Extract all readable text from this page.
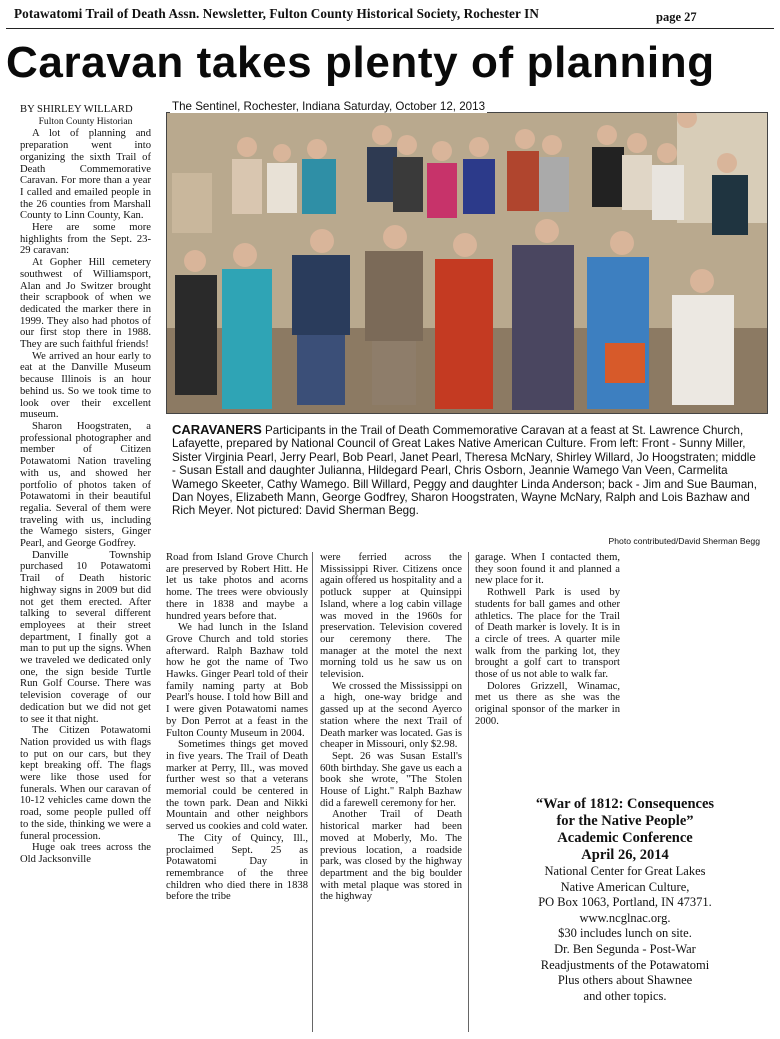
Potawatomi Trail of Death Assn. Newsletter, Fulton County Historical Society, Rochester IN	page 27
Caravan takes plenty of planning

BY SHIRLEY WILLARD

Fulton County Historian

A lot of planning and preparation went into organizing the sixth Trail of Death Commemorative Caravan. For more than a year I called and emailed people in the 26 counties from Marshall County to Linn County, Kan.

Here are some more highlights from the Sept. 23-29 caravan:

At Gopher Hill cemetery southwest of Williamsport, Alan and Jo Switzer brought their scrapbook of when we dedicated the marker there in 1999. They also had photos of our first stop there in 1988. They are such faithful friends!

We arrived an hour early to eat at the Danville Museum because Illinois is an hour behind us. So we took time to look over their excellent museum.

Sharon Hoogstraten, a professional photographer and member of Citizen Potawatomi Nation traveling with us, and showed her portfolio of photos taken of Potawatomi in their beautiful regalia. Several of them were traveling with us, including the Wamego sisters, Ginger Pearl, and George Godfrey.

Danville Township purchased 10 Potawatomi Trail of Death historic highway signs in 2009 but did not get them erected. After talking to several different employees at their street department, I finally got a man to put up the signs. When we traveled we dedicated only one, the sign beside Turtle Run Golf Course. There was television coverage of our dedication but we did not get to see it that night.

The Citizen Potawatomi Nation provided us with flags to put on our cars, but they kept breaking off. The flags were like those used for funerals. When our caravan of 10-12 vehicles came down the road, some people pulled off to the side, thinking we were a funeral procession.

Huge oak trees across the Old Jacksonville

The Sentinel, Rochester, Indiana Saturday, October 12, 2013
CARAVANERS Participants in the Trail of Death Commemorative Caravan at a feast at St. Lawrence Church, Lafayette, prepared by National Council of Great Lakes Native American Culture. From left: Front - Sunny Miller, Sister Virginia Pearl, Jerry Pearl, Bob Pearl, Janet Pearl, Theresa McNary, Shirley Willard, Jo Hoogstraten; middle - Susan Estall and daughter Julianna, Hildegard Pearl, Chris Osborn, Jeannie Wamego Van Veen, Carmelita Wamego Skeeter, Cathy Wamego. Bill Willard, Peggy and daughter Linda Anderson; back - Jim and Sue Bauman, Dan Noyes, Elizabeth Mann, George Godfrey, Sharon Hoogstraten, Wayne McNary, Ralph and Lois Bazhaw and Rich Meyer. Not pictured: David Sherman Begg.
Photo contributed/David Sherman Begg

Road from Island Grove Church are preserved by Robert Hitt. He let us take photos and acorns home. The trees were obviously there in 1838 and maybe a hundred years before that.

We had lunch in the Island Grove Church and told stories afterward. Ralph Bazhaw told how he got the name of Two Hawks. Ginger Pearl told of their family naming party at Bob Pearl's house. I told how Bill and I were given Potawatomi names by Don Perrot at a feast in the Fulton County Museum in 2004.

Sometimes things get moved in five years. The Trail of Death marker at Perry, Ill., was moved further west so that a veterans memorial could be centered in the town park. Dean and Nikki Mountain and other neighbors served us cookies and cold water.

The City of Quincy, Ill., proclaimed Sept. 25 as Potawatomi Day in remembrance of the three children who died there in 1838 before the tribe

were ferried across the Mississippi River. Citizens once again offered us hospitality and a potluck supper at Quinsippi Island, where a log cabin village was moved in the 1960s for preservation. Television covered our ceremony there. The manager at the motel the next morning told us he saw us on television.

We crossed the Mississippi on a high, one-way bridge and gassed up at the second Ayerco station where the next Trail of Death marker was located. Gas is cheaper in Missouri, only $2.98.

Sept. 26 was Susan Estall's 60th birthday. She gave us each a book she wrote, "The Stolen House of Light." Ralph Bazhaw did a farewell ceremony for her.

Another Trail of Death historical marker had been moved at Moberly, Mo. The previous location, a roadside park, was closed by the highway department and the big boulder with metal plaque was stored in the highway

garage. When I contacted them, they soon found it and planned a new place for it.

Rothwell Park is used by students for ball games and other athletics. The place for the Trail of Death marker is lovely. It is in a circle of trees. A quarter mile walk from the parking lot, they brought a golf cart to transport those of us not able to walk far.

Dolores Grizzell, Winamac, met us there as she was the original sponsor of the marker in 2000.

“War of 1812: Consequences
for the Native People”
Academic Conference
April 26, 2014
National Center for Great Lakes
Native American Culture,
PO Box 1063, Portland, IN 47371.
www.ncglnac.org.
$30 includes lunch on site.
Dr. Ben Segunda - Post-War
Readjustments of the Potawatomi
Plus others about Shawnee
and other topics.
